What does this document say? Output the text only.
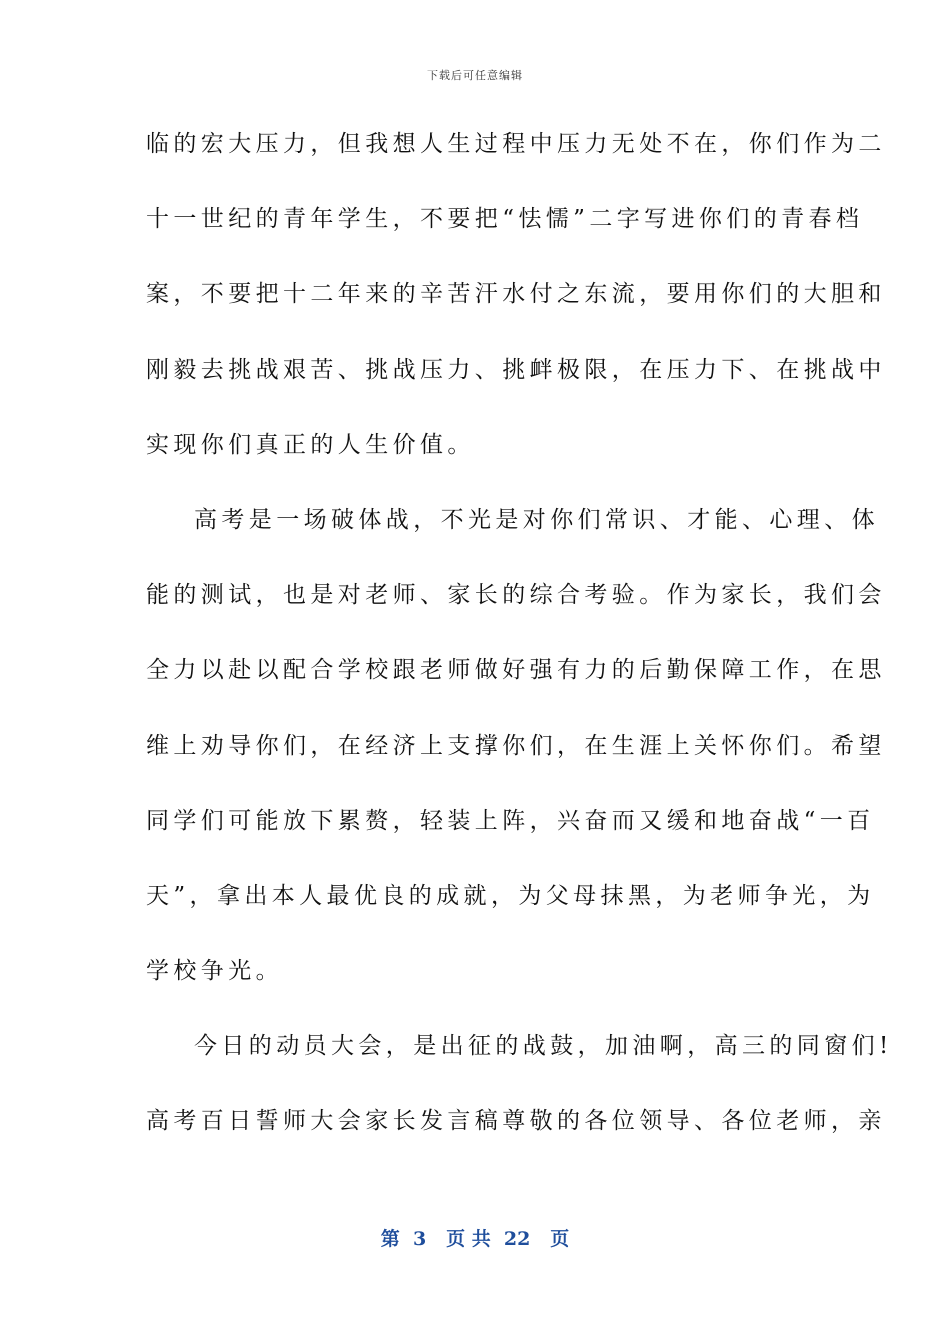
下载后可任意编辑
临的宏大压力，但我想人生过程中压力无处不在，你们作为二
十一世纪的青年学生，不要把“怯懦”二字写进你们的青春档
案，不要把十二年来的辛苦汗水付之东流，要用你们的大胆和
刚毅去挑战艰苦、挑战压力、挑衅极限，在压力下、在挑战中
实现你们真正的人生价值。
高考是一场破体战，不光是对你们常识、才能、心理、体
能的测试，也是对老师、家长的综合考验。作为家长，我们会
全力以赴以配合学校跟老师做好强有力的后勤保障工作，在思
维上劝导你们，在经济上支撑你们，在生涯上关怀你们。希望
同学们可能放下累赘，轻装上阵，兴奋而又缓和地奋战“一百
天”，拿出本人最优良的成就，为父母抹黑，为老师争光，为
学校争光。
今日的动员大会，是出征的战鼓，加油啊，高三的同窗们!
高考百日誓师大会家长发言稿尊敬的各位领导、各位老师，亲
第  3   页 共  22   页
